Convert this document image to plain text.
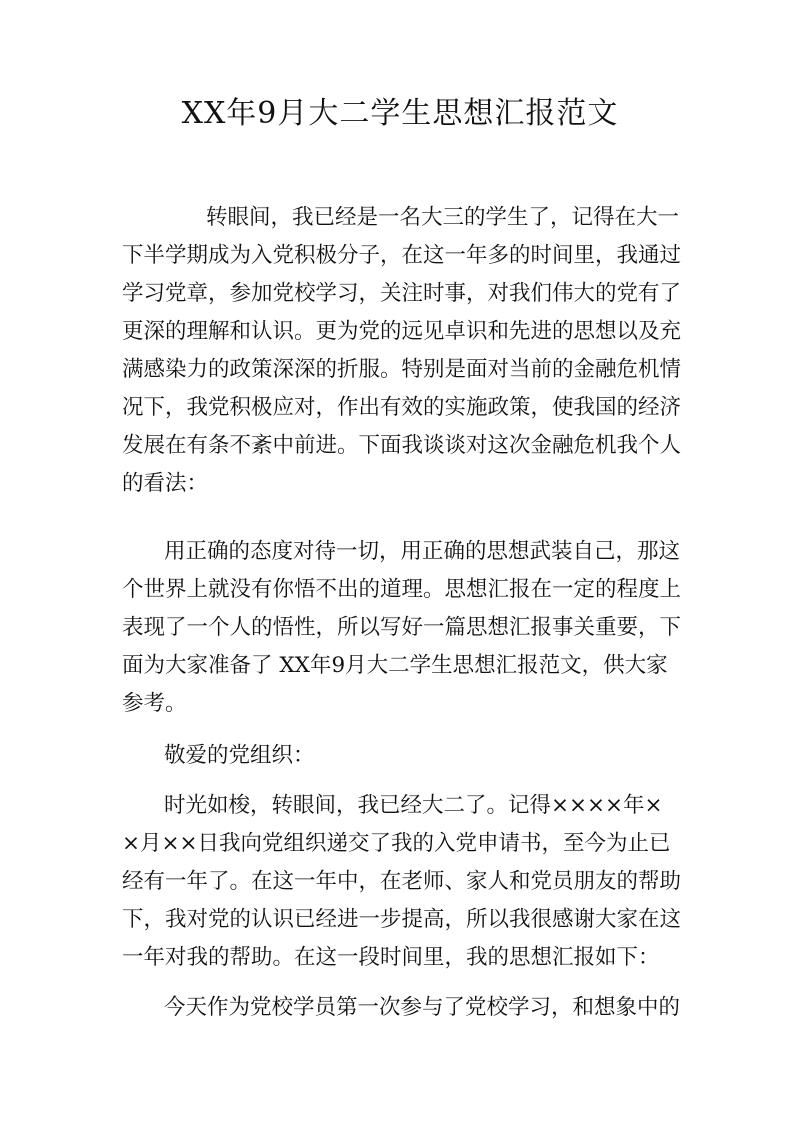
XX年9月大二学生思想汇报范文

转眼间，我已经是一名大三的学生了，记得在大一

下半学期成为入党积极分子，在这一年多的时间里，我通过

学习党章，参加党校学习，关注时事，对我们伟大的党有了

更深的理解和认识。更为党的远见卓识和先进的思想以及充

满感染力的政策深深的折服。特别是面对当前的金融危机情

况下，我党积极应对，作出有效的实施政策，使我国的经济

发展在有条不紊中前进。下面我谈谈对这次金融危机我个人

的看法：

用正确的态度对待一切，用正确的思想武装自己，那这

个世界上就没有你悟不出的道理。思想汇报在一定的程度上

表现了一个人的悟性，所以写好一篇思想汇报事关重要，下

面为大家准备了 XX年9月大二学生思想汇报范文，供大家

参考。

敬爱的党组织：

时光如梭，转眼间，我已经大二了。记得××××年×

×月××日我向党组织递交了我的入党申请书，至今为止已

经有一年了。在这一年中，在老师、家人和党员朋友的帮助

下，我对党的认识已经进一步提高，所以我很感谢大家在这

一年对我的帮助。在这一段时间里，我的思想汇报如下：

今天作为党校学员第一次参与了党校学习，和想象中的
